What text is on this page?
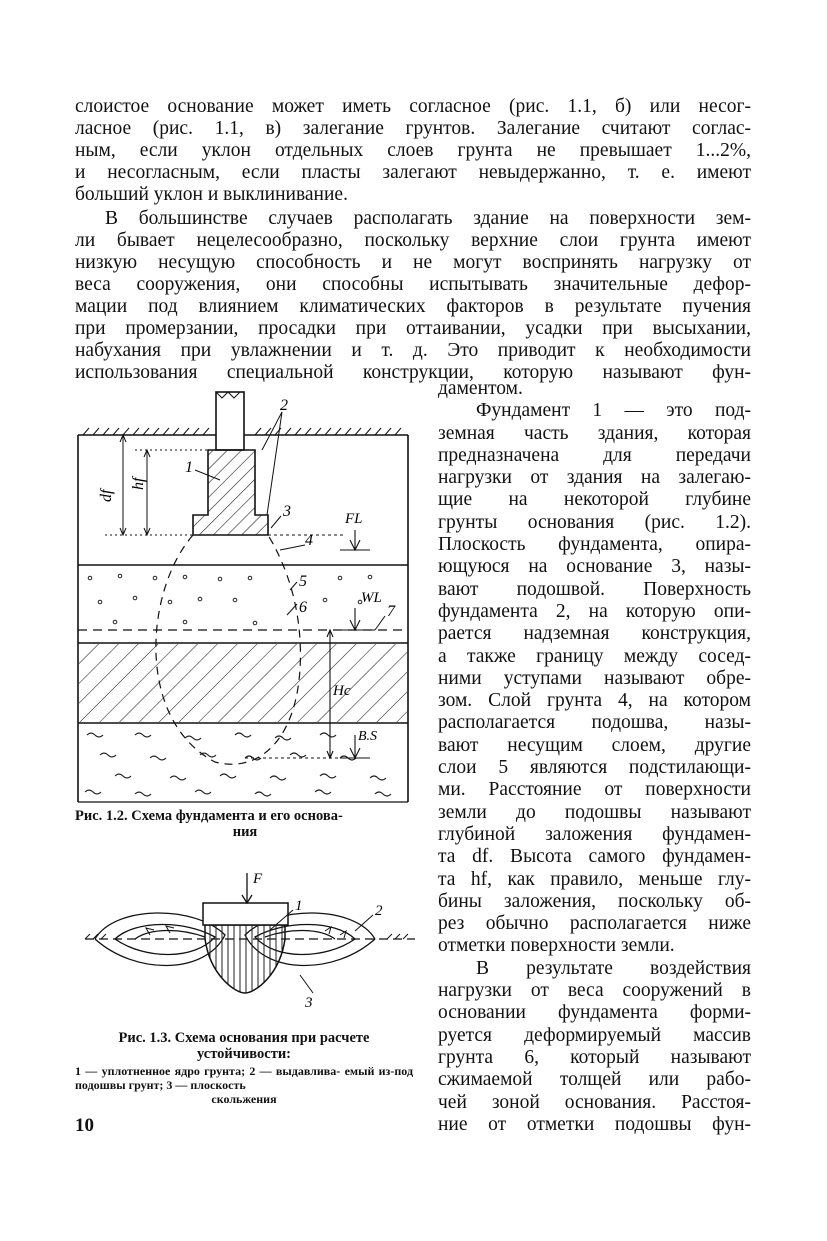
слоистое основание может иметь согласное (рис. 1.1, б) или несог-
ласное (рис. 1.1, в) залегание грунтов. Залегание считают соглас-
ным, если уклон отдельных слоев грунта не превышает 1...2%,
и несогласным, если пласты залегают невыдержанно, т. е. имеют
больший уклон и выклинивание.
В большинстве случаев располагать здание на поверхности зем-
ли бывает нецелесообразно, поскольку верхние слои грунта имеют
низкую несущую способность и не могут воспринять нагрузку от
веса сооружения, они способны испытывать значительные дефор-
мации под влиянием климатических факторов в результате пучения
при промерзании, просадки при оттаивании, усадки при высыхании,
набухания при увлажнении и т. д. Это приводит к необходимости
использования специальной конструкции, которую называют фун-
даментом.
Фундамент 1 — это под-
земная часть здания, которая
предназначена для передачи
нагрузки от здания на залегаю-
щие на некоторой глубине
грунты основания (рис. 1.2).
Плоскость фундамента, опира-
ющуюся на основание 3, назы-
вают подошвой. Поверхность
фундамента 2, на которую опи-
рается надземная конструкция,
а также границу между сосед-
ними уступами называют обре-
зом. Слой грунта 4, на котором
располагается подошва, назы-
вают несущим слоем, другие
слои 5 являются подстилающи-
ми. Расстояние от поверхности
земли до подошвы называют
глубиной заложения фундамен-
та df. Высота самого фундамен-
та hf, как правило, меньше глу-
бины заложения, поскольку об-
рез обычно располагается ниже
отметки поверхности земли.
В результате воздействия
нагрузки от веса сооружений в
основании фундамента форми-
руется деформируемый массив
грунта 6, который называют
сжимаемой толщей или рабо-
чей зоной основания. Расстоя-
ние от отметки подошвы фун-
df
hf
2
1
3
4
5
6	7
FL
WL
Hc
B.S
Рис. 1.2. Схема фундамента и его основа-
ния
F
1	2
3
Рис. 1.3. Схема основания при расчете устойчивости:
1 — уплотненное ядро грунта; 2 — выдавлива- емый из-под подошвы грунт; 3 — плоскость
скольжения
10
